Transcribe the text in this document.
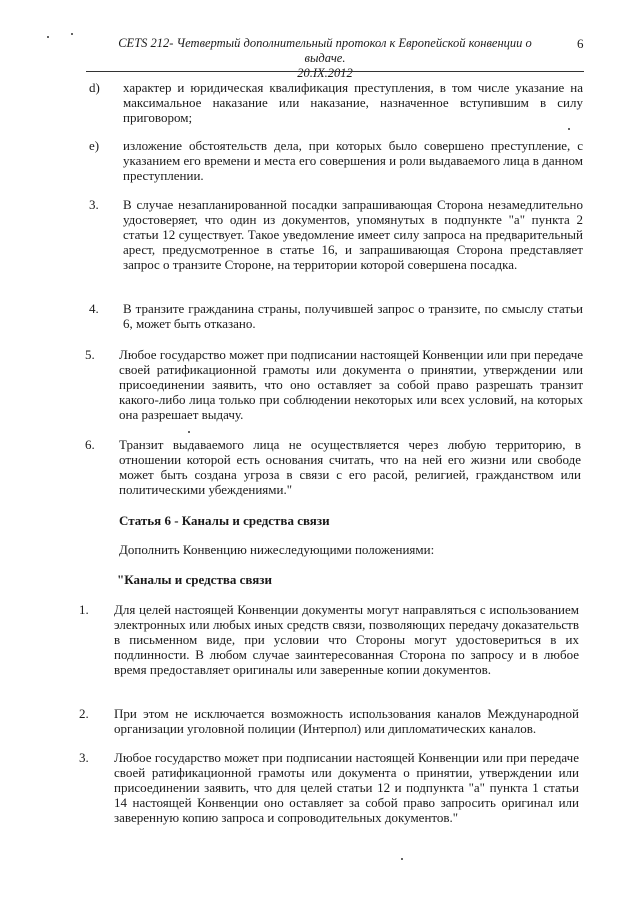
CETS 212- Четвертый дополнительный протокол к Европейской конвенции о выдаче.
20.IX.2012
6
d) характер и юридическая квалификация преступления, в том числе указание на максимальное наказание или наказание, назначенное вступившим в силу приговором;
e) изложение обстоятельств дела, при которых было совершено преступление, с указанием его времени и места его совершения и роли выдаваемого лица в данном преступлении.
3. В случае незапланированной посадки запрашивающая Сторона незамедлительно удостоверяет, что один из документов, упомянутых в подпункте "а" пункта 2 статьи 12 существует. Такое уведомление имеет силу запроса на предварительный арест, предусмотренное в статье 16, и запрашивающая Сторона представляет запрос о транзите Стороне, на территории которой совершена посадка.
4. В транзите гражданина страны, получившей запрос о транзите, по смыслу статьи 6, может быть отказано.
5. Любое государство может при подписании настоящей Конвенции или при передаче своей ратификационной грамоты или документа о принятии, утверждении или присоединении заявить, что оно оставляет за собой право разрешать транзит какого-либо лица только при соблюдении некоторых или всех условий, на которых она разрешает выдачу.
6. Транзит выдаваемого лица не осуществляется через любую территорию, в отношении которой есть основания считать, что на ней его жизни или свободе может быть создана угроза в связи с его расой, религией, гражданством или политическими убеждениями."
Статья 6 - Каналы и средства связи
Дополнить Конвенцию нижеследующими положениями:
"Каналы и средства связи
1. Для целей настоящей Конвенции документы могут направляться с использованием электронных или любых иных средств связи, позволяющих передачу доказательств в письменном виде, при условии что Стороны могут удостовериться в их подлинности. В любом случае заинтересованная Сторона по запросу и в любое время предоставляет оригиналы или заверенные копии документов.
2. При этом не исключается возможность использования каналов Международной организации уголовной полиции (Интерпол) или дипломатических каналов.
3. Любое государство может при подписании настоящей Конвенции или при передаче своей ратификационной грамоты или документа о принятии, утверждении или присоединении заявить, что для целей статьи 12 и подпункта "а" пункта 1 статьи 14 настоящей Конвенции оно оставляет за собой право запросить оригинал или заверенную копию запроса и сопроводительных документов."
